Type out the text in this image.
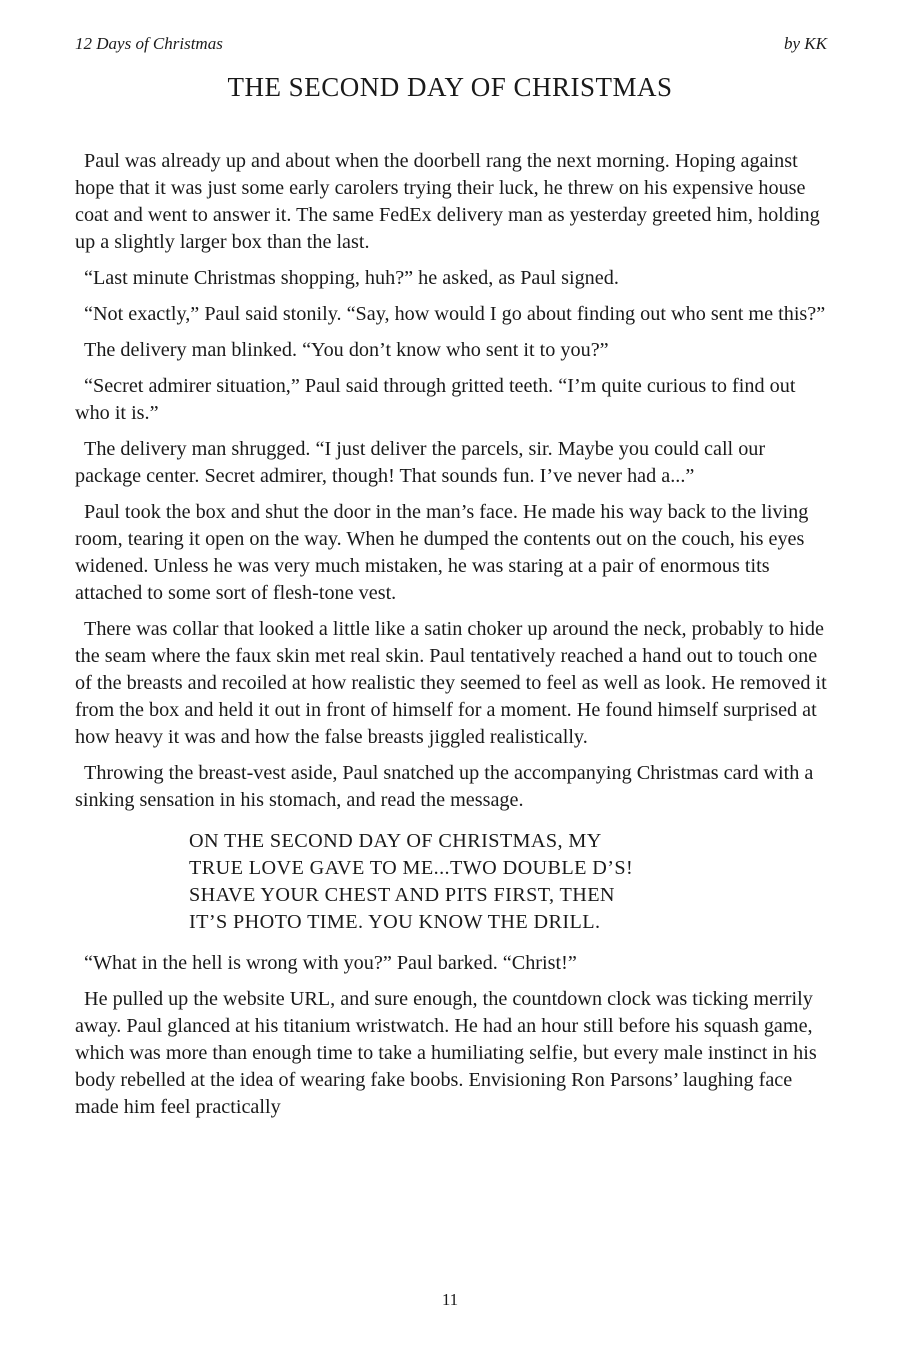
12 Days of Christmas	by KK
THE SECOND DAY OF CHRISTMAS

Paul was already up and about when the doorbell rang the next morning. Hoping against hope that it was just some early carolers trying their luck, he threw on his expensive house coat and went to answer it. The same FedEx delivery man as yesterday greeted him, holding up a slightly larger box than the last.

“Last minute Christmas shopping, huh?” he asked, as Paul signed.

“Not exactly,” Paul said stonily. “Say, how would I go about finding out who sent me this?”

The delivery man blinked. “You don’t know who sent it to you?”

“Secret admirer situation,” Paul said through gritted teeth. “I’m quite curious to find out who it is.”

The delivery man shrugged. “I just deliver the parcels, sir. Maybe you could call our package center. Secret admirer, though! That sounds fun. I’ve never had a...”

Paul took the box and shut the door in the man’s face. He made his way back to the living room, tearing it open on the way. When he dumped the contents out on the couch, his eyes widened. Unless he was very much mistaken, he was staring at a pair of enormous tits attached to some sort of flesh-tone vest.

There was collar that looked a little like a satin choker up around the neck, probably to hide the seam where the faux skin met real skin. Paul tentatively reached a hand out to touch one of the breasts and recoiled at how realistic they seemed to feel as well as look. He removed it from the box and held it out in front of himself for a moment. He found himself surprised at how heavy it was and how the false breasts jiggled realistically.

Throwing the breast-vest aside, Paul snatched up the accompanying Christmas card with a sinking sensation in his stomach, and read the message.

ON THE SECOND DAY OF CHRISTMAS, MY
TRUE LOVE GAVE TO ME...TWO DOUBLE D’S!
SHAVE YOUR CHEST AND PITS FIRST, THEN
IT’S PHOTO TIME. YOU KNOW THE DRILL.

“What in the hell is wrong with you?” Paul barked. “Christ!”

He pulled up the website URL, and sure enough, the countdown clock was ticking merrily away. Paul glanced at his titanium wristwatch. He had an hour still before his squash game, which was more than enough time to take a humiliating selfie, but every male instinct in his body rebelled at the idea of wearing fake boobs. Envisioning Ron Parsons’ laughing face made him feel practically

11
